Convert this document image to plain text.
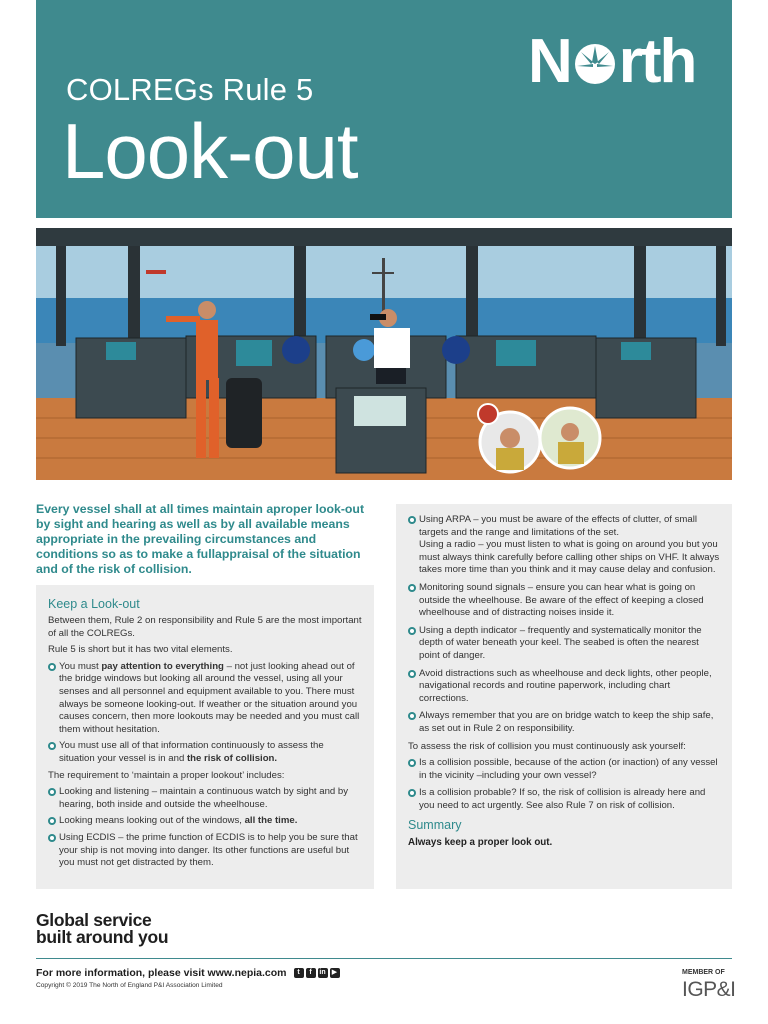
COLREGs Rule 5
Look-out
N rth
Every vessel shall at all times maintain aproper look-out by sight and hearing as well as by all available means appropriate in the prevailing circumstances and conditions so as to make a fullappraisal of the situation and of the risk of collision.
Keep a Look-out
Between them, Rule 2 on responsibility and Rule 5 are the most important of all the COLREGs.
Rule 5 is short but it has two vital elements.
You must pay attention to everything – not just looking ahead out of the bridge windows but looking all around the vessel, using all your senses and all personnel and equipment available to you. There must always be someone looking-out. If weather or the situation around you causes concern, then more lookouts may be needed and you must call them without hesitation.
You must use all of that information continuously to assess the situation your vessel is in and the risk of collision.
The requirement to ‘maintain a proper lookout’ includes:
Looking and listening – maintain a continuous watch by sight and by hearing, both inside and outside the wheelhouse.
Looking means looking out of the windows, all the time.
Using ECDIS – the prime function of ECDIS is to help you be sure that your ship is not moving into danger. Its other functions are useful but you must not get distracted by them.
Using ARPA – you must be aware of the effects of clutter, of small targets and the range and limitations of the set.
Using a radio – you must listen to what is going on around you but you must always think carefully before calling other ships on VHF. It always takes more time than you think and it may cause delay and confusion.
Monitoring sound signals – ensure you can hear what is going on outside the wheelhouse. Be aware of the effect of keeping a closed wheelhouse and of distracting noises inside it.
Using a depth indicator – frequently and systematically monitor the depth of water beneath your keel. The seabed is often the nearest point of danger.
Avoid distractions such as wheelhouse and deck lights, other people, navigational records and routine paperwork, including chart corrections.
Always remember that you are on bridge watch to keep the ship safe, as set out in Rule 2 on responsibility.
To assess the risk of collision you must continuously ask yourself:
Is a collision possible, because of the action (or inaction) of any vessel in the vicinity –including your own vessel?
Is a collision probable? If so, the risk of collision is already here and you need to act urgently. See also Rule 7 on risk of collision.
Summary
Always keep a proper look out.
Global service
built around you
For more information, please visit www.nepia.com	t	f	in ▶
Copyright © 2019 The North of England P&I Association Limited
MEMBER OF
IGP&I
